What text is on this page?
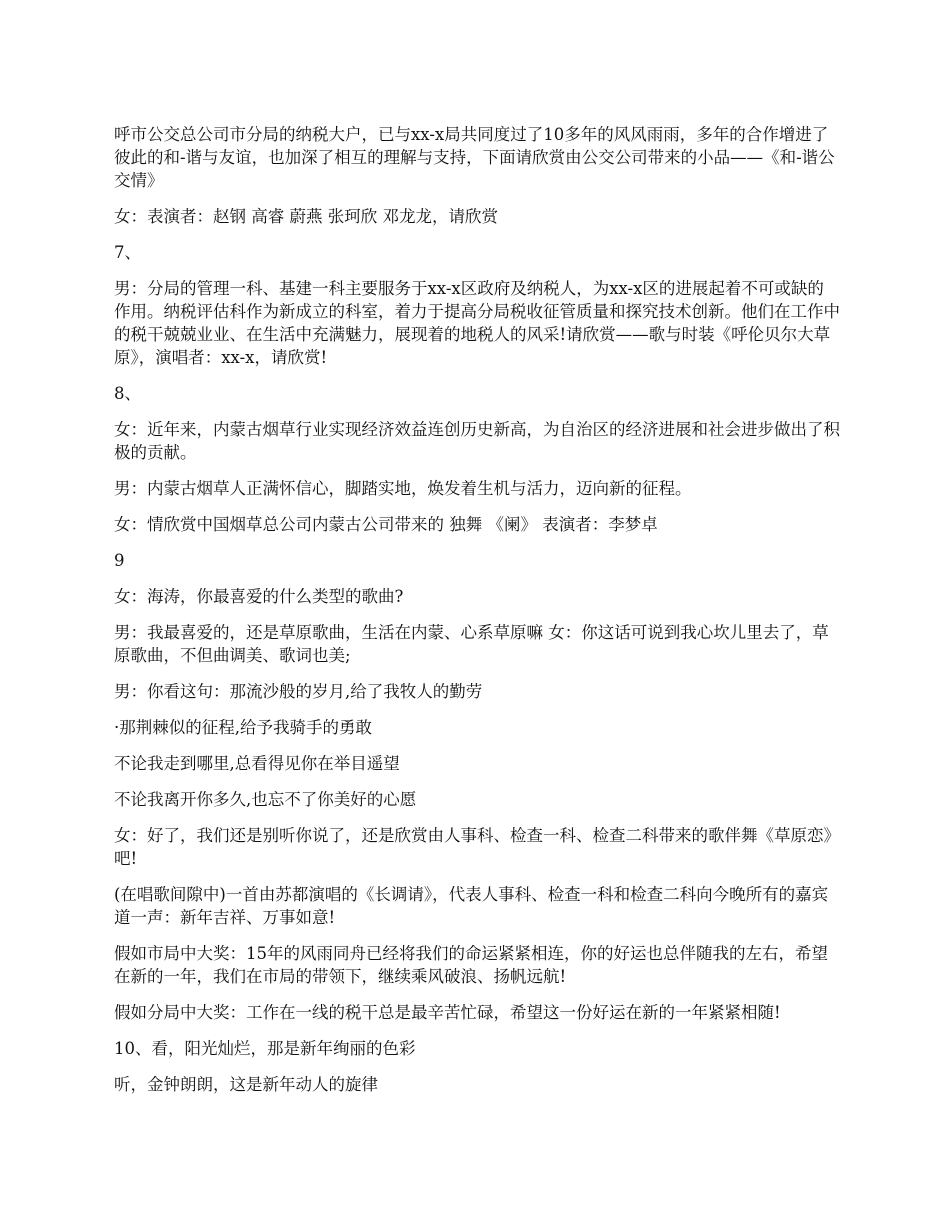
呼市公交总公司市分局的纳税大户，已与xx-x局共同度过了10多年的风风雨雨，多年的合作增进了彼此的和-谐与友谊，也加深了相互的理解与支持，下面请欣赏由公交公司带来的小品——《和-谐公交情》

女：表演者：赵钢 高睿 蔚燕 张珂欣 邓龙龙，请欣赏

7、

男：分局的管理一科、基建一科主要服务于xx-x区政府及纳税人，为xx-x区的进展起着不可或缺的作用。纳税评估科作为新成立的科室，着力于提高分局税收征管质量和探究技术创新。他们在工作中的税干兢兢业业、在生活中充满魅力，展现着的地税人的风采!请欣赏——歌与时装《呼伦贝尔大草原》，演唱者：xx-x，请欣赏!

8、

女：近年来，内蒙古烟草行业实现经济效益连创历史新高，为自治区的经济进展和社会进步做出了积极的贡献。

男：内蒙古烟草人正满怀信心，脚踏实地，焕发着生机与活力，迈向新的征程。

女：情欣赏中国烟草总公司内蒙古公司带来的 独舞 《阑》 表演者：李梦卓

9

女：海涛，你最喜爱的什么类型的歌曲?

男：我最喜爱的，还是草原歌曲，生活在内蒙、心系草原嘛 女：你这话可说到我心坎儿里去了，草原歌曲，不但曲调美、歌词也美;

男：你看这句：那流沙般的岁月,给了我牧人的勤劳

·那荆棘似的征程,给予我骑手的勇敢

不论我走到哪里,总看得见你在举目遥望

不论我离开你多久,也忘不了你美好的心愿

女：好了，我们还是别听你说了，还是欣赏由人事科、检查一科、检查二科带来的歌伴舞《草原恋》吧!

(在唱歌间隙中)一首由苏都演唱的《长调请》，代表人事科、检查一科和检查二科向今晚所有的嘉宾道一声：新年吉祥、万事如意!

假如市局中大奖：15年的风雨同舟已经将我们的命运紧紧相连，你的好运也总伴随我的左右，希望在新的一年，我们在市局的带领下，继续乘风破浪、扬帆远航!

假如分局中大奖：工作在一线的税干总是最辛苦忙碌，希望这一份好运在新的一年紧紧相随!

10、看，阳光灿烂，那是新年绚丽的色彩

听，金钟朗朗，这是新年动人的旋律
